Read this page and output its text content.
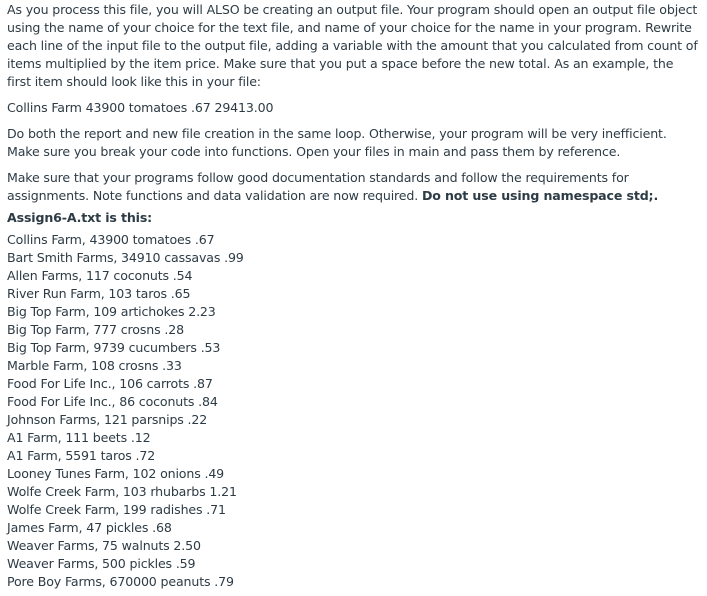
As you process this file, you will ALSO be creating an output file. Your program should open an output file object using the name of your choice for the text file, and name of your choice for the name in your program. Rewrite each line of the input file to the output file, adding a variable with the amount that you calculated from count of items multiplied by the item price. Make sure that you put a space before the new total. As an example, the first item should look like this in your file:

Collins Farm 43900 tomatoes .67 29413.00

Do both the report and new file creation in the same loop. Otherwise, your program will be very inefficient. Make sure you break your code into functions. Open your files in main and pass them by reference.

Make sure that your programs follow good documentation standards and follow the requirements for assignments. Note functions and data validation are now required. Do not use using namespace std;.

Assign6-A.txt is this:

Collins Farm, 43900 tomatoes .67
Bart Smith Farms, 34910 cassavas .99
Allen Farms, 117 coconuts .54
River Run Farm, 103 taros .65
Big Top Farm, 109 artichokes 2.23
Big Top Farm, 777 crosns .28
Big Top Farm, 9739 cucumbers .53
Marble Farm, 108 crosns .33
Food For Life Inc., 106 carrots .87
Food For Life Inc., 86 coconuts .84
Johnson Farms, 121 parsnips .22
A1 Farm, 111 beets .12
A1 Farm, 5591 taros .72
Looney Tunes Farm, 102 onions .49
Wolfe Creek Farm, 103 rhubarbs 1.21
Wolfe Creek Farm, 199 radishes .71
James Farm, 47 pickles .68
Weaver Farms, 75 walnuts 2.50
Weaver Farms, 500 pickles .59
Pore Boy Farms, 670000 peanuts .79
